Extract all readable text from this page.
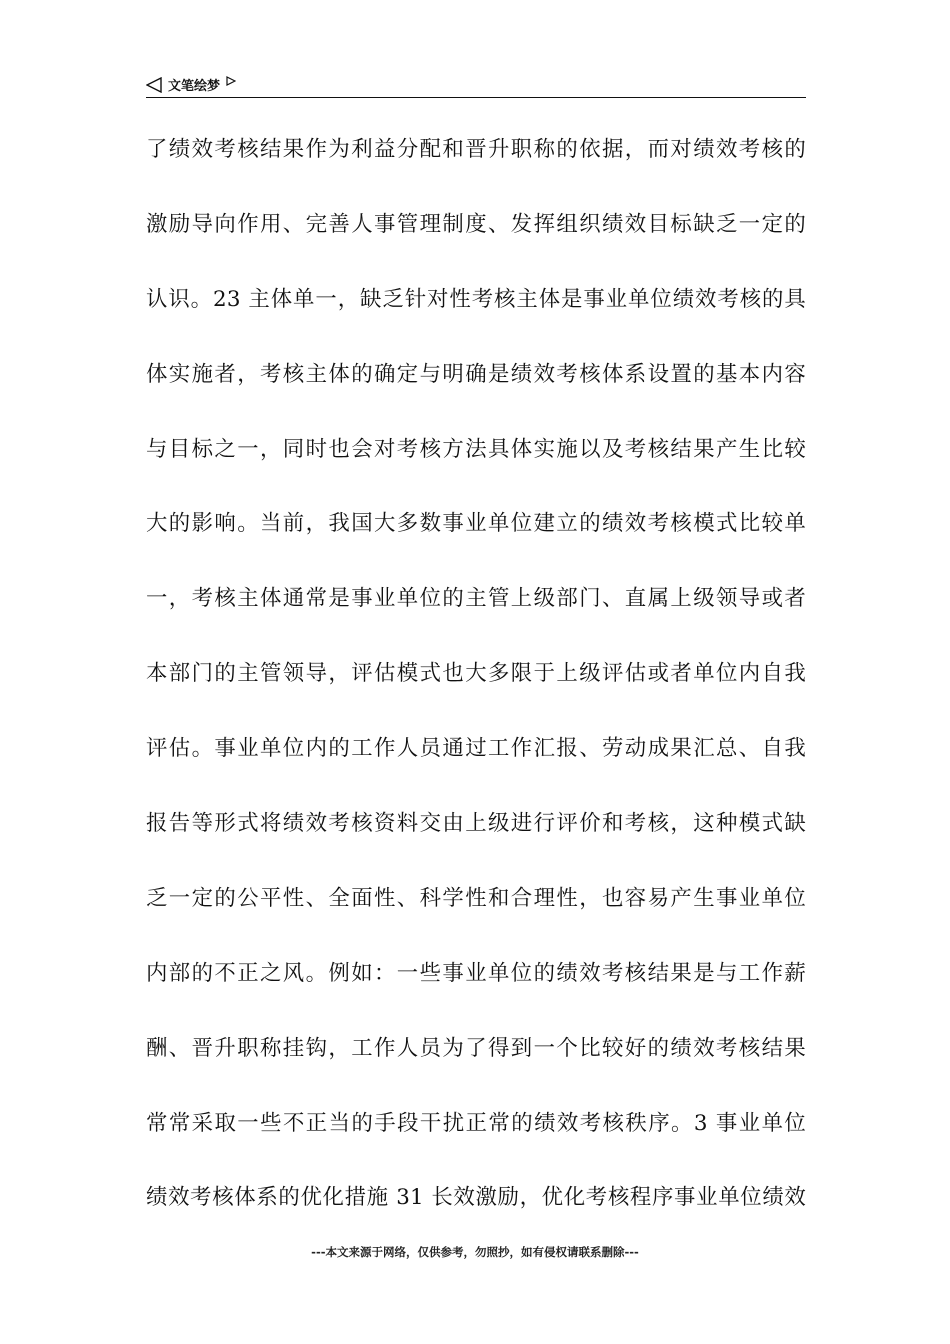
文笔绘梦
了绩效考核结果作为利益分配和晋升职称的依据，而对绩效考核的
激励导向作用、完善人事管理制度、发挥组织绩效目标缺乏一定的
认识。23 主体单一，缺乏针对性考核主体是事业单位绩效考核的具
体实施者，考核主体的确定与明确是绩效考核体系设置的基本内容
与目标之一，同时也会对考核方法具体实施以及考核结果产生比较
大的影响。当前，我国大多数事业单位建立的绩效考核模式比较单
一，考核主体通常是事业单位的主管上级部门、直属上级领导或者
本部门的主管领导，评估模式也大多限于上级评估或者单位内自我
评估。事业单位内的工作人员通过工作汇报、劳动成果汇总、自我
报告等形式将绩效考核资料交由上级进行评价和考核，这种模式缺
乏一定的公平性、全面性、科学性和合理性，也容易产生事业单位
内部的不正之风。例如：一些事业单位的绩效考核结果是与工作薪
酬、晋升职称挂钩，工作人员为了得到一个比较好的绩效考核结果
常常采取一些不正当的手段干扰正常的绩效考核秩序。3 事业单位
绩效考核体系的优化措施 31 长效激励，优化考核程序事业单位绩效
---本文来源于网络，仅供参考，勿照抄，如有侵权请联系删除---
